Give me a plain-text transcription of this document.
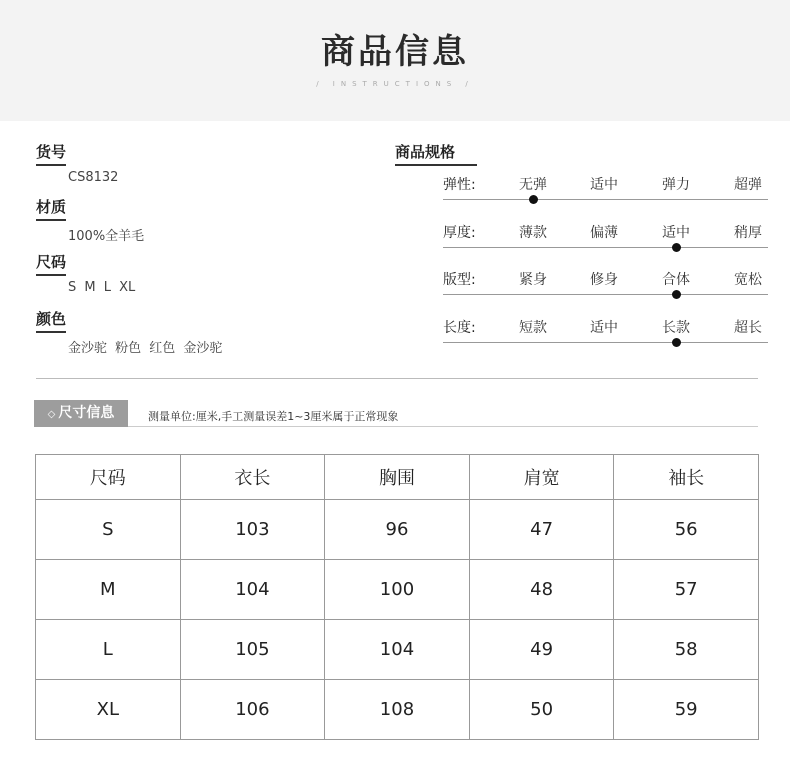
商品信息
/ INSTRUCTIONS /
货号
CS8132
材质
100%全羊毛
尺码
S M L XL
颜色
金沙驼 粉色 红色 金沙驼
商品规格
弹性:	无弹	适中	弹力	超弹
厚度:	薄款	偏薄	适中	稍厚
版型:	紧身	修身	合体	宽松
长度:	短款	适中	长款	超长
◇ 尺寸信息	测量单位:厘米,手工测量误差1~3厘米属于正常现象
尺码	衣长	胸围	肩宽	袖长
S	103	96	47	56
M	104	100	48	57
L	105	104	49	58
XL	106	108	50	59
